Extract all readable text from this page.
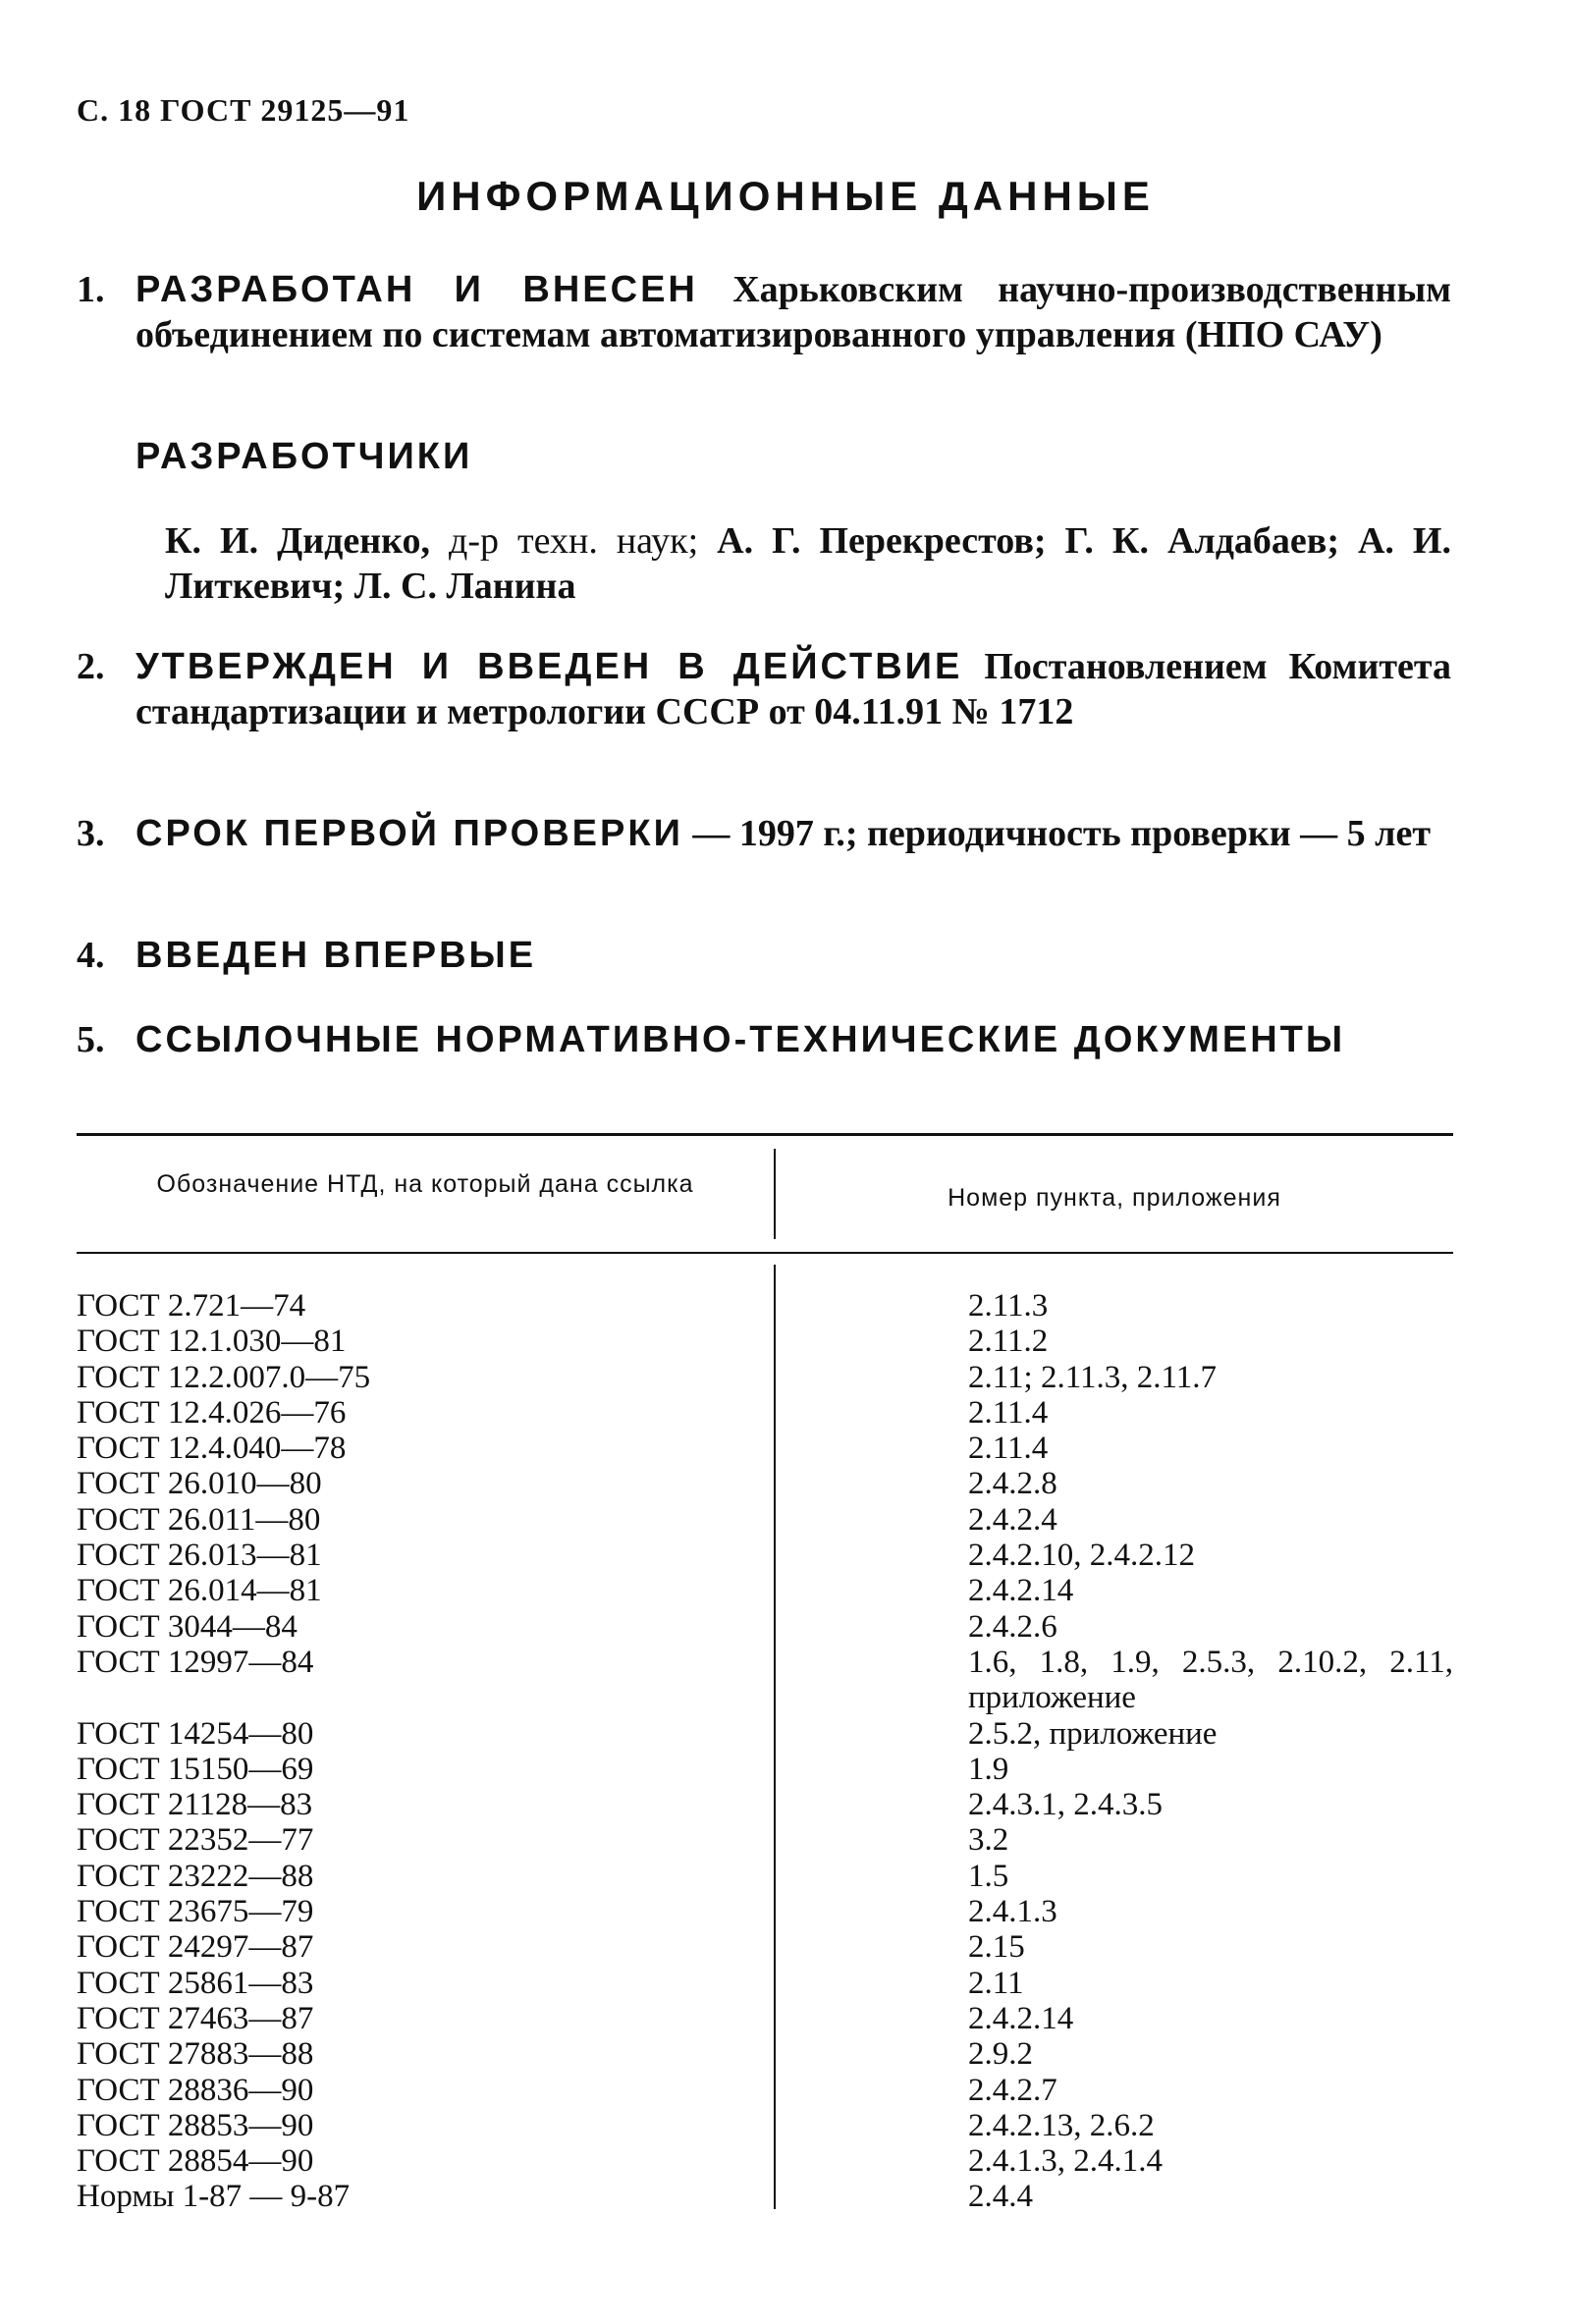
С. 18 ГОСТ 29125—91
ИНФОРМАЦИОННЫЕ ДАННЫЕ
1. РАЗРАБОТАН И ВНЕСЕН Харьковским научно-производственным объединением по системам автоматизированного управления (НПО САУ)
РАЗРАБОТЧИКИ
К. И. Диденко, д-р техн. наук; А. Г. Перекрестов; Г. К. Алдабаев; А. И. Литкевич; Л. С. Ланина
2. УТВЕРЖДЕН И ВВЕДЕН В ДЕЙСТВИЕ Постановлением Комитета стандартизации и метрологии СССР от 04.11.91 № 1712
3. СРОК ПЕРВОЙ ПРОВЕРКИ — 1997 г.; периодичность проверки — 5 лет
4. ВВЕДЕН ВПЕРВЫЕ
5. ССЫЛОЧНЫЕ НОРМАТИВНО-ТЕХНИЧЕСКИЕ ДОКУМЕНТЫ
Обозначение НТД, на который дана ссылка	Номер пункта, приложения
ГОСТ 2.721—74	2.11.3
ГОСТ 12.1.030—81	2.11.2
ГОСТ 12.2.007.0—75	2.11; 2.11.3, 2.11.7
ГОСТ 12.4.026—76	2.11.4
ГОСТ 12.4.040—78	2.11.4
ГОСТ 26.010—80	2.4.2.8
ГОСТ 26.011—80	2.4.2.4
ГОСТ 26.013—81	2.4.2.10, 2.4.2.12
ГОСТ 26.014—81	2.4.2.14
ГОСТ 3044—84	2.4.2.6
ГОСТ 12997—84	1.6, 1.8, 1.9, 2.5.3, 2.10.2, 2.11, приложение
ГОСТ 14254—80	2.5.2, приложение
ГОСТ 15150—69	1.9
ГОСТ 21128—83	2.4.3.1, 2.4.3.5
ГОСТ 22352—77	3.2
ГОСТ 23222—88	1.5
ГОСТ 23675—79	2.4.1.3
ГОСТ 24297—87	2.15
ГОСТ 25861—83	2.11
ГОСТ 27463—87	2.4.2.14
ГОСТ 27883—88	2.9.2
ГОСТ 28836—90	2.4.2.7
ГОСТ 28853—90	2.4.2.13, 2.6.2
ГОСТ 28854—90	2.4.1.3, 2.4.1.4
Нормы 1-87 — 9-87	2.4.4
